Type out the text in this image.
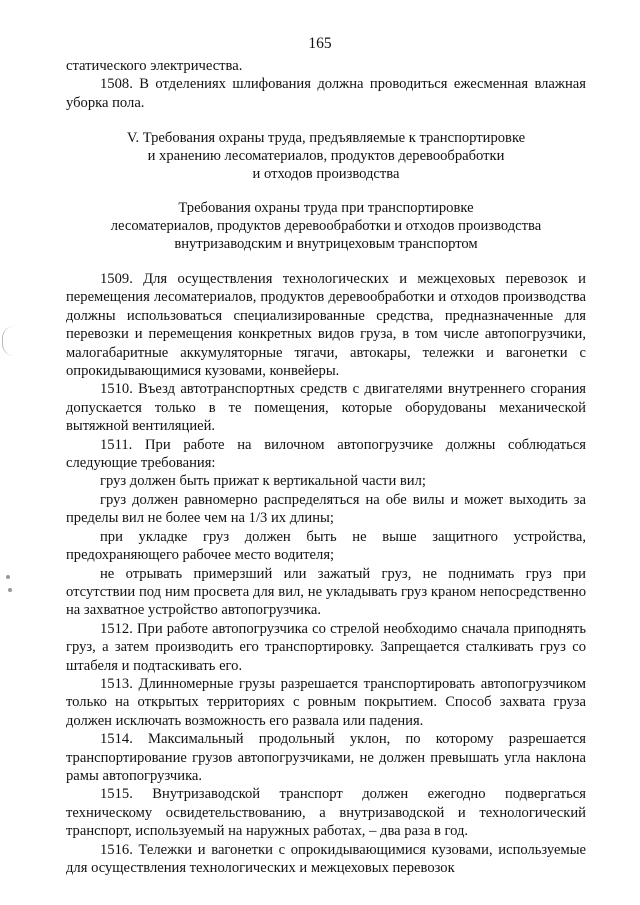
165

статического электричества.

1508. В отделениях шлифования должна проводиться ежесменная влажная уборка пола.

V. Требования охраны труда, предъявляемые к транспортировке
и хранению лесоматериалов, продуктов деревообработки
и отходов производства
Требования охраны труда при транспортировке
лесоматериалов, продуктов деревообработки и отходов производства
внутризаводским и внутрицеховым транспортом

1509. Для осуществления технологических и межцеховых перевозок и перемещения лесоматериалов, продуктов деревообработки и отходов производства должны использоваться специализированные средства, предназначенные для перевозки и перемещения конкретных видов груза, в том числе автопогрузчики, малогабаритные аккумуляторные тягачи, автокары, тележки и вагонетки с опрокидывающимися кузовами, конвейеры.

1510. Въезд автотранспортных средств с двигателями внутреннего сгорания допускается только в те помещения, которые оборудованы механической вытяжной вентиляцией.

1511. При работе на вилочном автопогрузчике должны соблюдаться следующие требования:

груз должен быть прижат к вертикальной части вил;

груз должен равномерно распределяться на обе вилы и может выходить за пределы вил не более чем на 1/3 их длины;

при укладке груз должен быть не выше защитного устройства, предохраняющего рабочее место водителя;

не отрывать примерзший или зажатый груз, не поднимать груз при отсутствии под ним просвета для вил, не укладывать груз краном непосредственно на захватное устройство автопогрузчика.

1512. При работе автопогрузчика со стрелой необходимо сначала приподнять груз, а затем производить его транспортировку. Запрещается сталкивать груз со штабеля и подтаскивать его.

1513. Длинномерные грузы разрешается транспортировать автопогрузчиком только на открытых территориях с ровным покрытием. Способ захвата груза должен исключать возможность его развала или падения.

1514. Максимальный продольный уклон, по которому разрешается транспортирование грузов автопогрузчиками, не должен превышать угла наклона рамы автопогрузчика.

1515. Внутризаводской транспорт должен ежегодно подвергаться техническому освидетельствованию, а внутризаводской и технологический транспорт, используемый на наружных работах, – два раза в год.

1516. Тележки и вагонетки с опрокидывающимися кузовами, используемые для осуществления технологических и межцеховых перевозок
